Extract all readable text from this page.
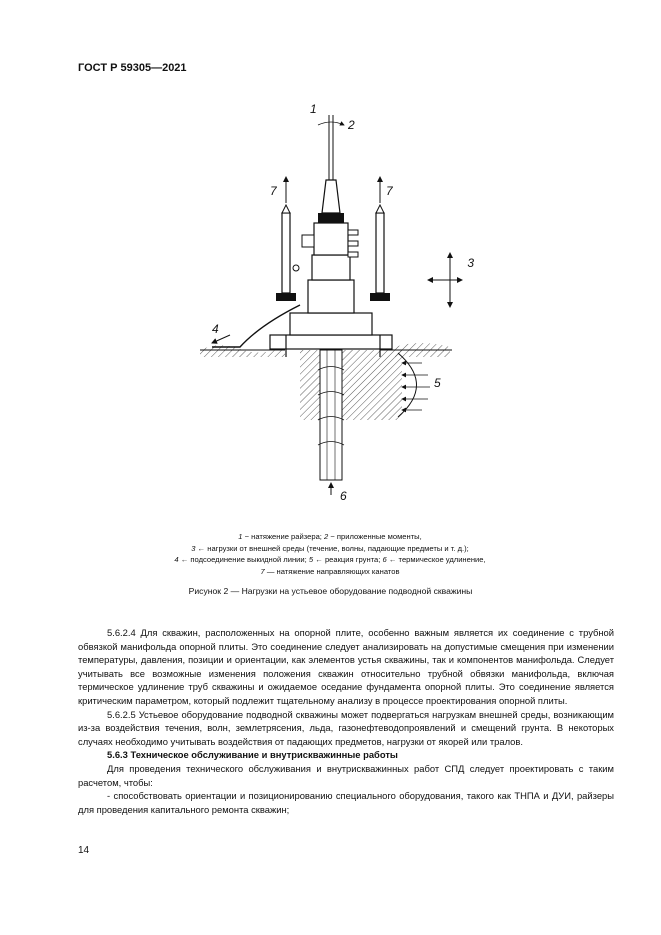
ГОСТ Р 59305—2021
1
2
3
4
5
6
7	7
1 − натяжение райзера; 2 − приложенные моменты,
3 ← нагрузки от внешней среды (течение, волны, падающие предметы и т. д.);
4 ← подсоединение выкидной линии; 5 ← реакция грунта; 6 ← термическое удлинение,
7 — натяжение направляющих канатов
Рисунок 2 — Нагрузки на устьевое оборудование подводной скважины

5.6.2.4 Для скважин, расположенных на опорной плите, особенно важным является их соединение с трубной обвязкой манифольда опорной плиты. Это соединение следует анализировать на допустимые смещения при изменении температуры, давления, позиции и ориентации, как элементов устья скважины, так и компонентов манифольда. Следует учитывать все возможные изменения положения скважин относительно трубной обвязки манифольда, включая термическое удлинение труб скважины и ожидаемое оседание фундамента опорной плиты. Это соединение является критическим параметром, который подлежит тщательному анализу в процессе проектирования опорной плиты.

5.6.2.5 Устьевое оборудование подводной скважины может подвергаться нагрузкам внешней среды, возникающим из-за воздействия течения, волн, землетрясения, льда, газонефтеводопроявлений и смещений грунта. В некоторых случаях необходимо учитывать воздействия от падающих предметов, нагрузки от якорей или тралов.

5.6.3 Техническое обслуживание и внутрискважинные работы

Для проведения технического обслуживания и внутрискважинных работ СПД следует проектировать с таким расчетом, чтобы:

- способствовать ориентации и позиционированию специального оборудования, такого как ТНПА и ДУИ, райзеры для проведения капитального ремонта скважин;

14
